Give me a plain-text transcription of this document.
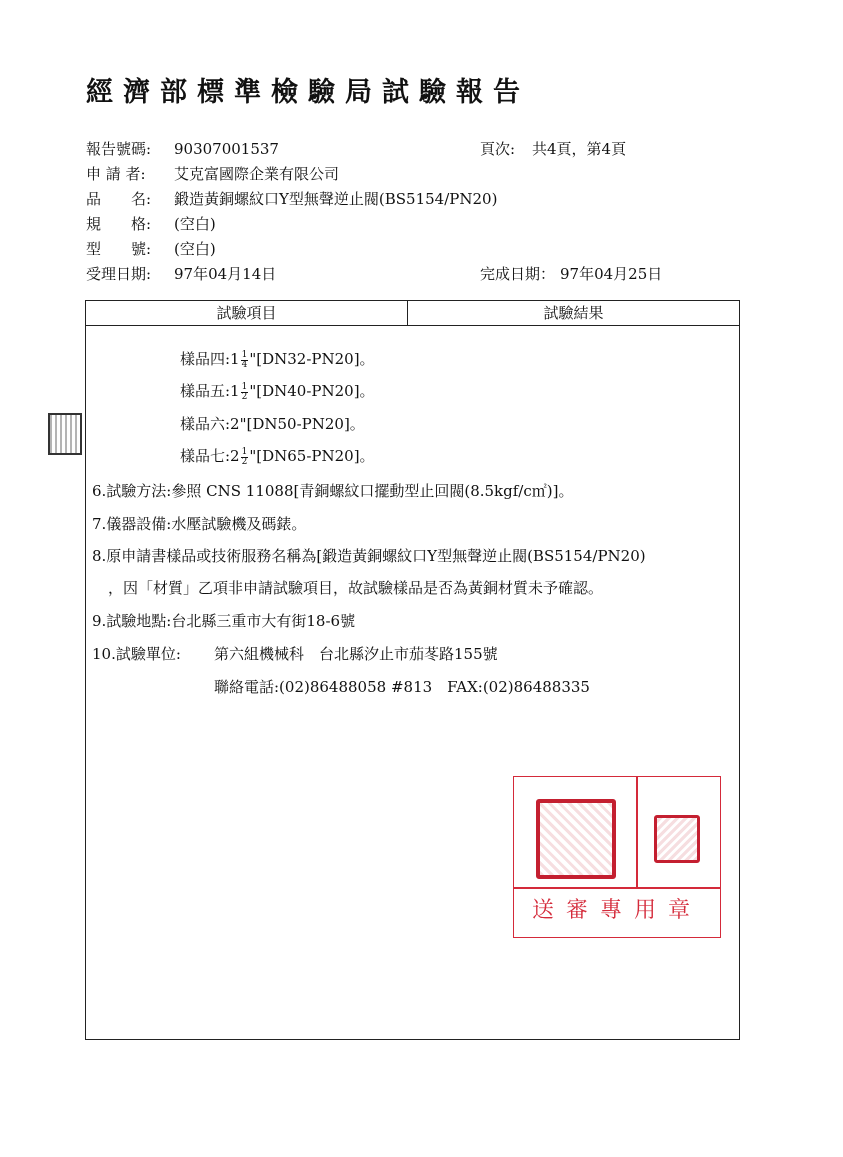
經濟部標準檢驗局試驗報告
報告號碼: 90307001537	頁次: 共4頁，第4頁
申 請 者: 艾克富國際企業有限公司
品　　名: 鍛造黃銅螺紋口Y型無聲逆止閥(BS5154/PN20)
規　　格: (空白)
型　　號: (空白)
受理日期: 97年04月14日	完成日期： 97年04月25日
試驗項目	試驗結果
樣品四:1 $\frac{1}{4}$ "[DN32-PN20]。
樣品五:1 $\frac{1}{2}$ "[DN40-PN20]。
樣品六:2"[DN50-PN20]。
樣品七:2 $\frac{1}{2}$ "[DN65-PN20]。
6.試驗方法:參照 CNS 11088[青銅螺紋口擺動型止回閥(8.5kgf/c㎡)]。
7.儀器設備:水壓試驗機及碼錶。
8.原申請書樣品或技術服務名稱為[鍛造黃銅螺紋口Y型無聲逆止閥(BS5154/PN20)
，因「材質」乙項非申請試驗項目，故試驗樣品是否為黃銅材質未予確認。
9.試驗地點:台北縣三重市大有街18-6號
10.試驗單位: 第六組機械科　台北縣汐止市茄苳路155號
聯絡電話:(02)86488058 #813　FAX:(02)86488335
送審專用章
